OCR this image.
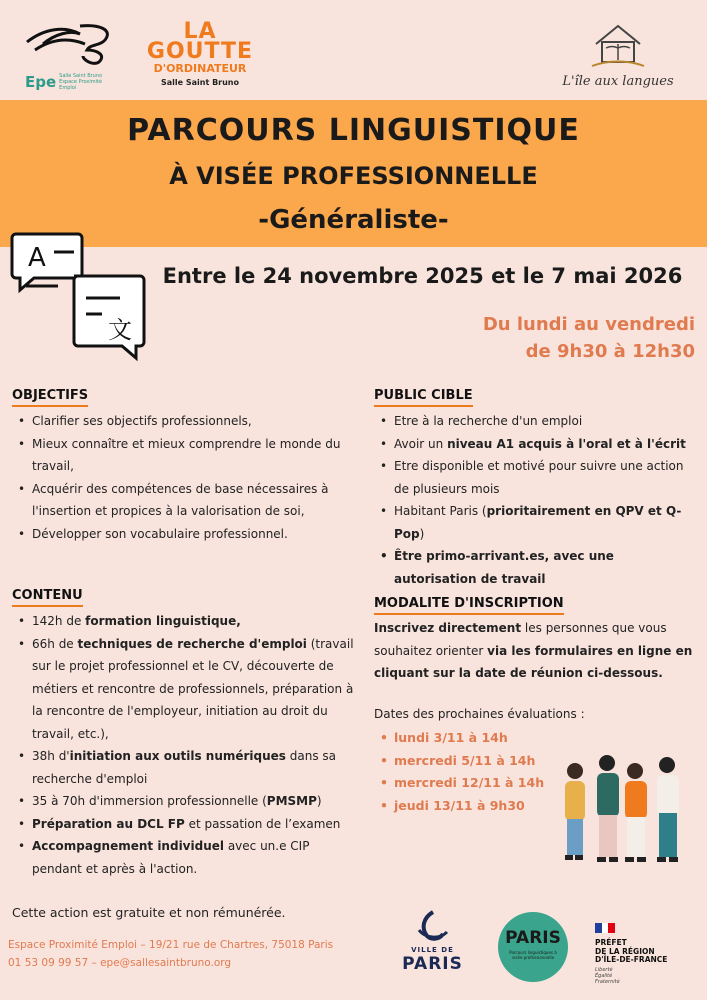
Epe Salle Saint Bruno
Espace Proximité Emploi
LA
GOUTTE
D'ORDINATEUR
Salle Saint Bruno	L'île aux langues
PARCOURS LINGUISTIQUE
À VISÉE PROFESSIONNELLE
-Généraliste-
A
文
Entre le 24 novembre 2025 et le 7 mai 2026
Du lundi au vendredi
de 9h30 à 12h30
OBJECTIFS
• Clarifier ses objectifs professionnels,
• Mieux connaître et mieux comprendre le monde du travail,
• Acquérir des compétences de base nécessaires à l'insertion et propices à la valorisation de soi,
• Développer son vocabulaire professionnel.
PUBLIC CIBLE
• Etre à la recherche d'un emploi
• Avoir un niveau A1 acquis à l'oral et à l'écrit
• Etre disponible et motivé pour suivre une action de plusieurs mois
• Habitant Paris (prioritairement en QPV et Q-Pop)
• Être primo-arrivant.es, avec une autorisation de travail
CONTENU
• 142h de formation linguistique,
• 66h de techniques de recherche d'emploi (travail sur le projet professionnel et le CV, découverte de métiers et rencontre de professionnels, préparation à la rencontre de l'employeur, initiation au droit du travail, etc.),
• 38h d'initiation aux outils numériques dans sa recherche d'emploi
• 35 à 70h d'immersion professionnelle (PMSMP)
• Préparation au DCL FP et passation de l’examen
• Accompagnement individuel avec un.e CIP pendant et après à l'action.
MODALITE D'INSCRIPTION

Inscrivez directement les personnes que vous souhaitez orienter via les formulaires en ligne en cliquant sur la date de réunion ci-dessous.

Dates des prochaines évaluations :

• lundi 3/11 à 14h
• mercredi 5/11 à 14h
• mercredi 12/11 à 14h
• jeudi 13/11 à 9h30
Cette action est gratuite et non rémunérée.
Espace Proximité Emploi – 19/21 rue de Chartres, 75018 Paris
01 53 09 99 57 – epe@sallesaintbruno.org
VILLE DE
PARIS
PARIS
Parcours linguistiques à visée professionnelle
PRÉFET
DE LA RÉGION
D'ÎLE-DE-FRANCE
Liberté
Égalité
Fraternité
